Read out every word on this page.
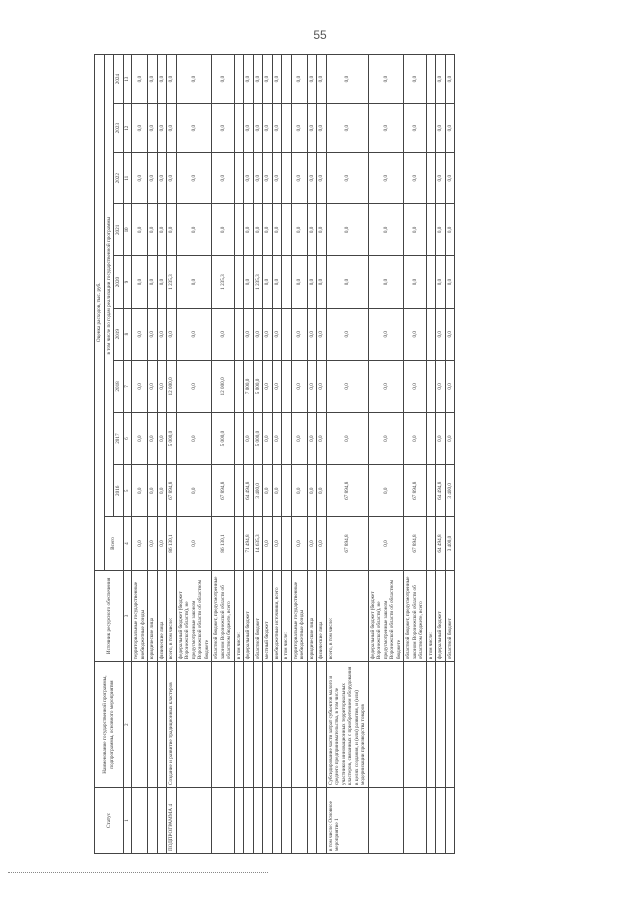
55
Статус	Наименование государственной программы, подпрограммы, основного мероприятия	Источник ресурсного обеспечения	Оценка расходов, тыс. руб.									
			Всего	в том числе по годам реализации государственной программы								
				2016	2017	2018	2019	2020	2021	2022	2023	2024
1	2	3	4	5	6	7	8	9	10	11	12	13
		территориальные государственные внебюджетные фонды	0,0	0,0	0,0	0,0	0,0	0,0	0,0	0,0	0,0	0,0
		юридические лица	0,0	0,0	0,0	0,0	0,0	0,0	0,0	0,0	0,0	0,0
		физические лица	0,0	0,0	0,0	0,0	0,0	0,0	0,0	0,0	0,0	0,0
ПОДПРОГРАММА 4	Создание и развитие традиционных кластеров	всего, в том числе:	86 130,1	67 894,8	5 000,0	12 000,0	0,0	1 235,3	0,0	0,0	0,0	0,0
		федеральный бюджет (бюджет Воронежской области), не предусмотренные законом Воронежской области об областном бюджете	0,0	0,0	0,0	0,0	0,0	0,0	0,0	0,0	0,0	0,0
		областной бюджет, предусмотренные законом Воронежской области об областном бюджете, всего	86 130,1	67 894,8	5 000,0	12 000,0	0,0	1 235,3	0,0	0,0	0,0	0,0
		в том числе:										
		федеральный бюджет	71 494,8	64 494,8	0,0	7 000,0	0,0	0,0	0,0	0,0	0,0	0,0
		областной бюджет	14 635,3	3 400,0	5 000,0	5 000,0	0,0	1 235,3	0,0	0,0	0,0	0,0
		местный бюджет	0,0	0,0	0,0	0,0	0,0	0,0	0,0	0,0	0,0	0,0
		внебюджетные источники, всего	0,0	0,0	0,0	0,0	0,0	0,0	0,0	0,0	0,0	0,0
		в том числе:										
		территориальные государственные внебюджетные фонды	0,0	0,0	0,0	0,0	0,0	0,0	0,0	0,0	0,0	0,0
		юридические лица	0,0	0,0	0,0	0,0	0,0	0,0	0,0	0,0	0,0	0,0
		физические лица	0,0	0,0	0,0	0,0	0,0	0,0	0,0	0,0	0,0	0,0
в том числе: Основное мероприятие 1	Субсидирование части затрат субъектов малого и среднего предпринимательства, в том числе участников инновационных территориальных кластеров, связанных с приобретением оборудования в целях создания, и (или) развития, и (или) модернизации производства товаров	всего, в том числе:	67 894,8	67 894,8	0,0	0,0	0,0	0,0	0,0	0,0	0,0	0,0
		федеральный бюджет (бюджет Воронежской области), не предусмотренные законом Воронежской области об областном бюджете	0,0	0,0	0,0	0,0	0,0	0,0	0,0	0,0	0,0	0,0
		областной бюджет, предусмотренные законом Воронежской области об областном бюджете, всего	67 894,8	67 894,8	0,0	0,0	0,0	0,0	0,0	0,0	0,0	0,0
		в том числе:										
		федеральный бюджет	64 494,8	64 494,8	0,0	0,0	0,0	0,0	0,0	0,0	0,0	0,0
		областной бюджет	3 400,0	3 400,0	0,0	0,0	0,0	0,0	0,0	0,0	0,0	0,0
